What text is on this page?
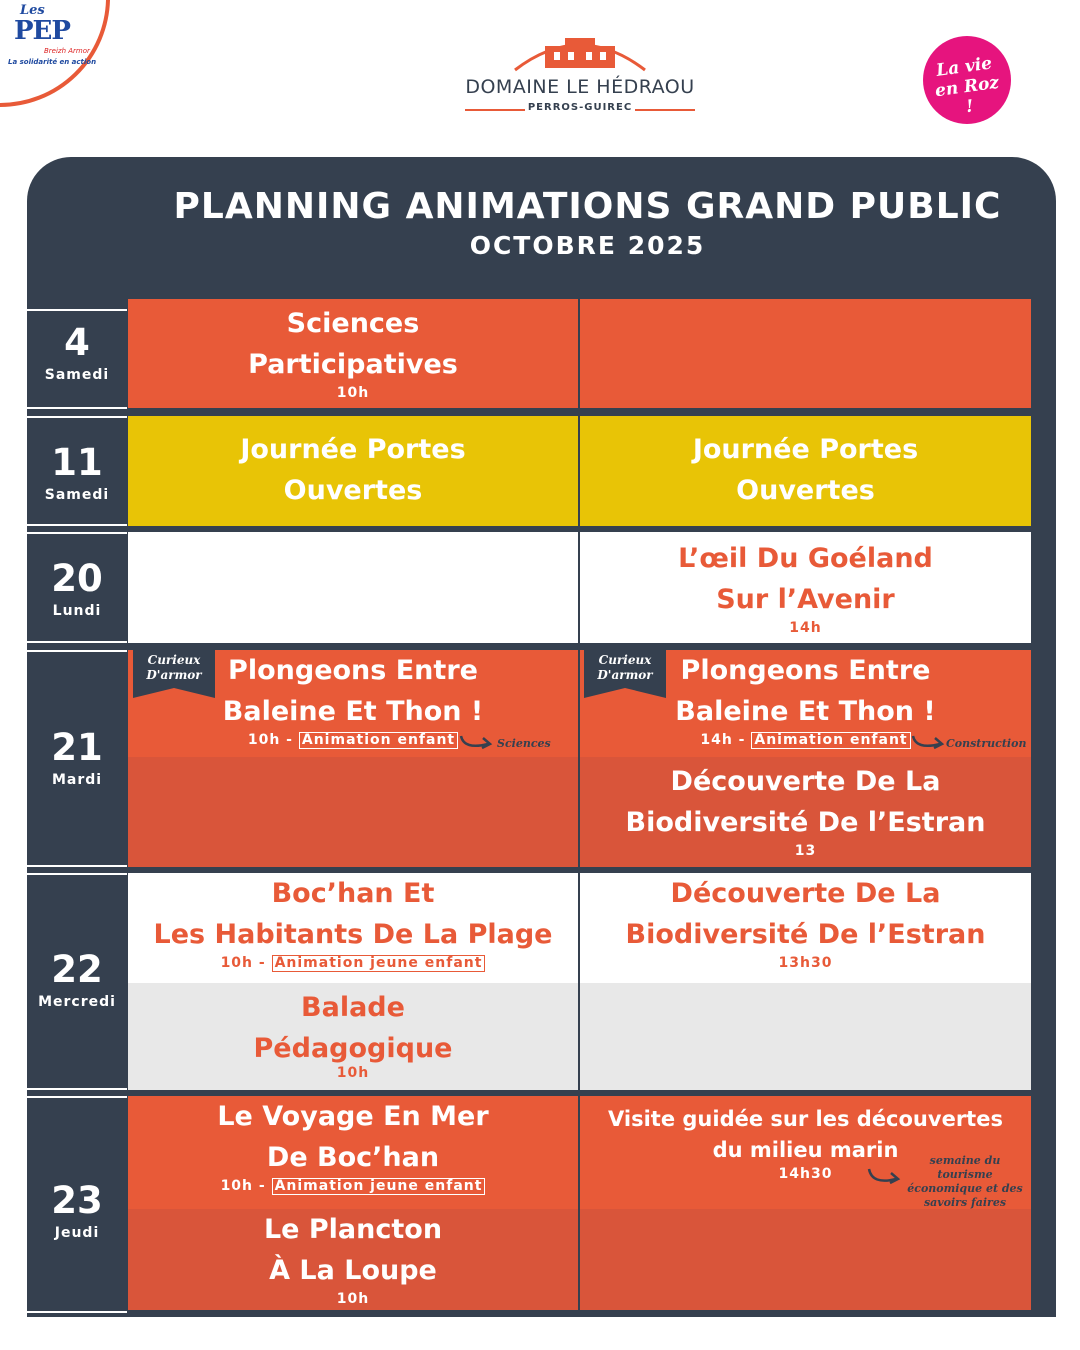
Les
PEP
Breizh Armor
La solidarité en action
DOMAINE LE HÉDRAOU
PERROS-GUIREC
La vie en Roz !
PLANNING ANIMATIONS GRAND PUBLIC
OCTOBRE 2025
4
Samedi
11
Samedi
20
Lundi
21
Mardi
22
Mercredi
23
Jeudi
Sciences
Participatives
10h
Journée Portes
Ouvertes
Journée Portes
Ouvertes
L’œil Du Goéland
Sur l’Avenir
14h
Plongeons Entre
Baleine Et Thon !
10h - Animation enfant
Plongeons Entre
Baleine Et Thon !
14h - Animation enfant
Découverte De La
Biodiversité De l’Estran
13
Curieux D'armor
Curieux D'armor
Sciences	Construction
Boc’han Et
Les Habitants De La Plage
10h - Animation jeune enfant
Balade
Pédagogique
10h
Découverte De La
Biodiversité De l’Estran
13h30
Le Voyage En Mer
De Boc’han
10h - Animation jeune enfant
Le Plancton
À La Loupe
10h
Visite guidée sur les découvertes
du milieu marin
14h30
semaine du tourisme économique et des savoirs faires
